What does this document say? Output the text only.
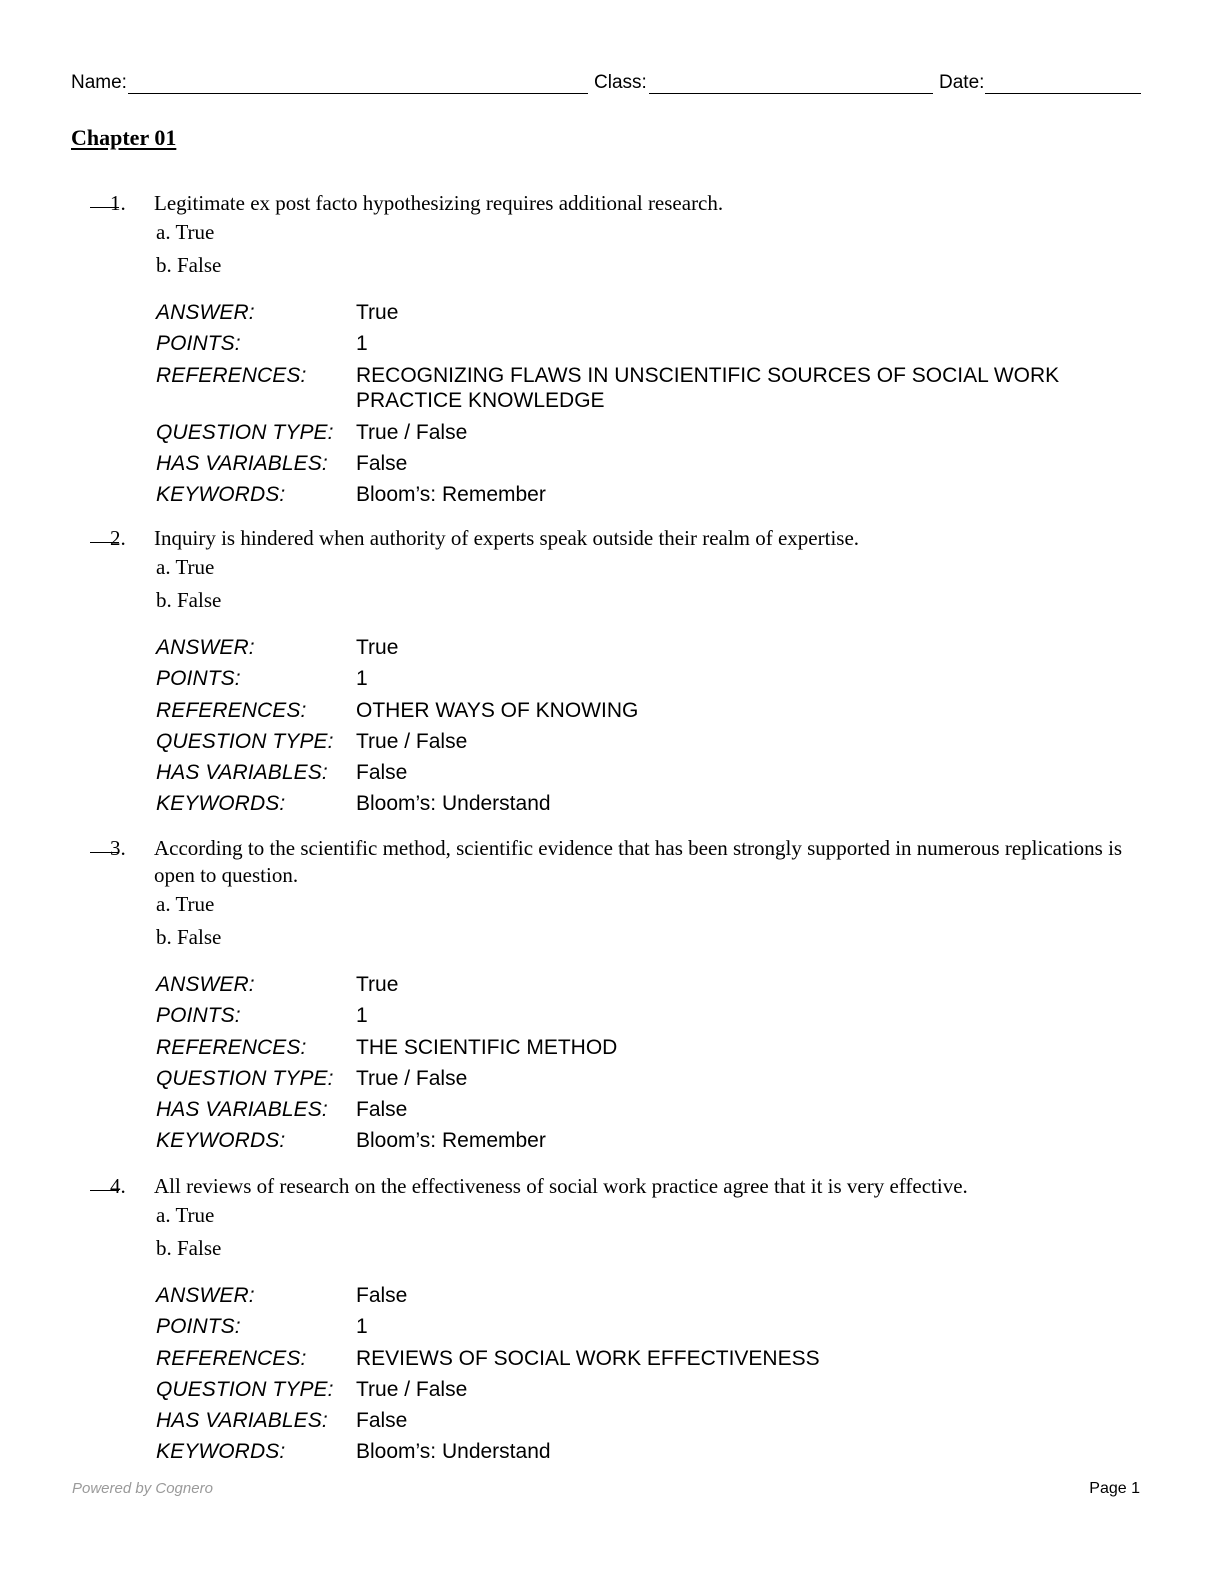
Name:	Class:	Date:
Chapter 01
1. Legitimate ex post facto hypothesizing requires additional research.
a. True
b. False
ANSWER:	True
POINTS:	1
REFERENCES: RECOGNIZING FLAWS IN UNSCIENTIFIC SOURCES OF SOCIAL WORK PRACTICE KNOWLEDGE
QUESTION TYPE: True / False
HAS VARIABLES: False
KEYWORDS:	Bloom’s: Remember
2. Inquiry is hindered when authority of experts speak outside their realm of expertise.
a. True
b. False
ANSWER:	True
POINTS:	1
REFERENCES: OTHER WAYS OF KNOWING
QUESTION TYPE: True / False
HAS VARIABLES: False
KEYWORDS:	Bloom’s: Understand
3. According to the scientific method, scientific evidence that has been strongly supported in numerous replications is open to question.
a. True
b. False
ANSWER:	True
POINTS:	1
REFERENCES: THE SCIENTIFIC METHOD
QUESTION TYPE: True / False
HAS VARIABLES: False
KEYWORDS:	Bloom’s: Remember
4. All reviews of research on the effectiveness of social work practice agree that it is very effective.
a. True
b. False
ANSWER:	False
POINTS:	1
REFERENCES: REVIEWS OF SOCIAL WORK EFFECTIVENESS
QUESTION TYPE: True / False
HAS VARIABLES: False
KEYWORDS:	Bloom’s: Understand
Powered by Cognero	Page 1
